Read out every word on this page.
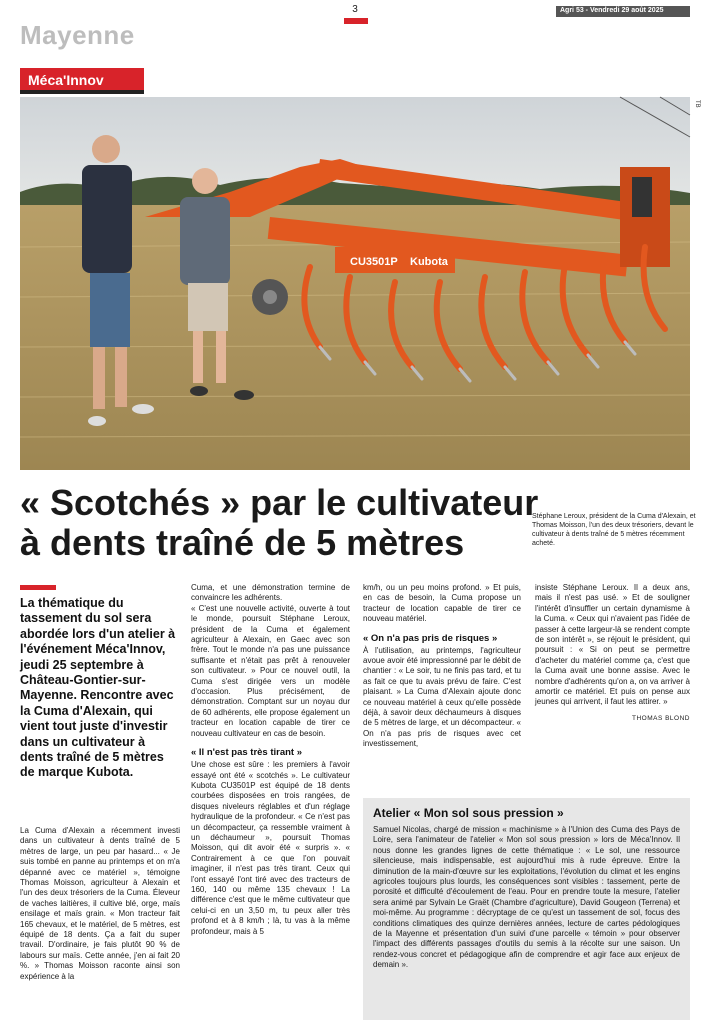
3	Agri 53 - Vendredi 29 août 2025
Mayenne
Méca'Innov
CU3501P Kubota
Stéphane Leroux, président de la Cuma d'Alexain, et Thomas Moisson, l'un des deux trésoriers, devant le cultivateur à dents traîné de 5 mètres récemment acheté.
TB
« Scotchés » par le cultivateur
à dents traîné de 5 mètres
La thématique du tassement du sol sera abordée lors d'un atelier à l'événement Méca'Innov, jeudi 25 septembre à Château-Gontier-sur-Mayenne. Rencontre avec la Cuma d'Alexain, qui vient tout juste d'investir dans un cultivateur à dents traîné de 5 mètres de marque Kubota.

La Cuma d'Alexain a récemment investi dans un cultivateur à dents traîné de 5 mètres de large, un peu par hasard... « Je suis tombé en panne au printemps et on m'a dépanné avec ce matériel », témoigne Thomas Moisson, agriculteur à Alexain et l'un des deux trésoriers de la Cuma. Éleveur de vaches laitières, il cultive blé, orge, maïs ensilage et maïs grain. « Mon tracteur fait 165 chevaux, et le matériel, de 5 mètres, est équipé de 18 dents. Ça a fait du super travail. D'ordinaire, je fais plutôt 90 % de labours sur maïs. Cette année, j'en ai fait 20 %. » Thomas Moisson raconte ainsi son expérience à la

Cuma, et une démonstration termine de convaincre les adhérents.

« C'est une nouvelle activité, ouverte à tout le monde, poursuit Stéphane Leroux, président de la Cuma et également agriculteur à Alexain, en Gaec avec son frère. Tout le monde n'a pas une puissance suffisante et n'était pas prêt à renouveler son cultivateur. » Pour ce nouvel outil, la Cuma s'est dirigée vers un modèle d'occasion. Plus précisément, de démonstration. Comptant sur un noyau dur de 60 adhérents, elle propose également un tracteur en location capable de tirer ce nouveau cultivateur en cas de besoin.

« Il n'est pas très tirant »

Une chose est sûre : les premiers à l'avoir essayé ont été « scotchés ». Le cultivateur Kubota CU3501P est équipé de 18 dents courbées disposées en trois rangées, de disques niveleurs réglables et d'un réglage hydraulique de la profondeur. « Ce n'est pas un décompacteur, ça ressemble vraiment à un déchaumeur », poursuit Thomas Moisson, qui dit avoir été « surpris ». « Contrairement à ce que l'on pouvait imaginer, il n'est pas très tirant. Ceux qui l'ont essayé l'ont tiré avec des tracteurs de 160, 140 ou même 135 chevaux ! La différence c'est que le même cultivateur que celui-ci en un 3,50 m, tu peux aller très profond et à 8 km/h ; là, tu vas à la même profondeur, mais à 5

km/h, ou un peu moins profond. » Et puis, en cas de besoin, la Cuma propose un tracteur de location capable de tirer ce nouveau matériel.

« On n'a pas pris de risques »

À l'utilisation, au printemps, l'agriculteur avoue avoir été impressionné par le débit de chantier : « Le soir, tu ne finis pas tard, et tu as fait ce que tu avais prévu de faire. C'est plaisant. » La Cuma d'Alexain ajoute donc ce nouveau matériel à ceux qu'elle possède déjà, à savoir deux déchaumeurs à disques de 5 mètres de large, et un décompacteur. « On n'a pas pris de risques avec cet investissement,

insiste Stéphane Leroux. Il a deux ans, mais il n'est pas usé. » Et de souligner l'intérêt d'insuffler un certain dynamisme à la Cuma. « Ceux qui n'avaient pas l'idée de passer à cette largeur-là se rendent compte de son intérêt », se réjouit le président, qui poursuit : « Si on peut se permettre d'acheter du matériel comme ça, c'est que la Cuma avait une bonne assise. Avec le nombre d'adhérents qu'on a, on va arriver à amortir ce matériel. Et puis on pense aux jeunes qui arrivent, il faut les attirer. »

THOMAS BLOND
Atelier « Mon sol sous pression »
Samuel Nicolas, chargé de mission « machinisme » à l'Union des Cuma des Pays de Loire, sera l'animateur de l'atelier « Mon sol sous pression » lors de Méca'Innov. Il nous donne les grandes lignes de cette thématique : « Le sol, une ressource silencieuse, mais indispensable, est aujourd'hui mis à rude épreuve. Entre la diminution de la main-d'œuvre sur les exploitations, l'évolution du climat et les engins agricoles toujours plus lourds, les conséquences sont visibles : tassement, perte de porosité et difficulté d'écoulement de l'eau. Pour en prendre toute la mesure, l'atelier sera animé par Sylvain Le Graët (Chambre d'agriculture), David Gougeon (Terrena) et moi-même. Au programme : décryptage de ce qu'est un tassement de sol, focus des conditions climatiques des quinze dernières années, lecture de cartes pédologiques de la Mayenne et présentation d'un suivi d'une parcelle « témoin » pour observer l'impact des différents passages d'outils du semis à la récolte sur une saison. Un rendez-vous concret et pédagogique afin de comprendre et agir face aux enjeux de demain ».
